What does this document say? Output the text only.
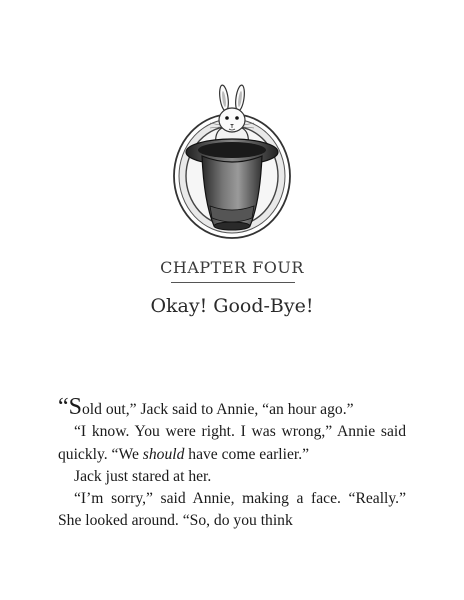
CHAPTER FOUR
Okay! Good-Bye!

“Sold out,” Jack said to Annie, “an hour ago.”

“I know. You were right. I was wrong,” Annie said quickly. “We should have come earlier.”

Jack just stared at her.

“I’m sorry,” said Annie, making a face. “Really.” She looked around. “So, do you think
